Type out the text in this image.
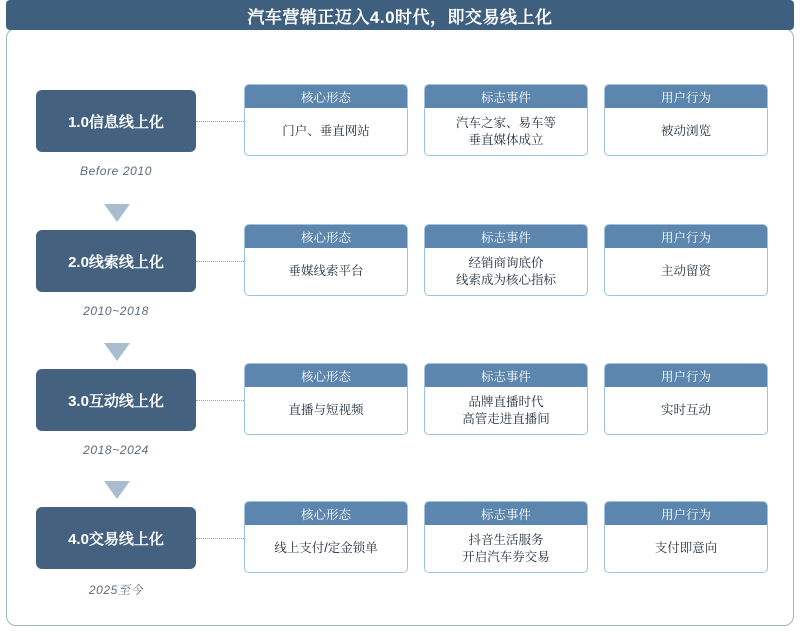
汽车营销正迈入4.0时代，即交易线上化
1.0信息线上化
Before 2010
核心形态
门户、垂直网站
标志事件
汽车之家、易车等
垂直媒体成立
用户行为
被动浏览
2.0线索线上化
2010~2018
核心形态
垂媒线索平台
标志事件
经销商询底价
线索成为核心指标
用户行为
主动留资
3.0互动线上化
2018~2024
核心形态
直播与短视频
标志事件
品牌直播时代
高管走进直播间
用户行为
实时互动
4.0交易线上化
2025至今
核心形态
线上支付/定金锁单
标志事件
抖音生活服务
开启汽车券交易
用户行为
支付即意向
